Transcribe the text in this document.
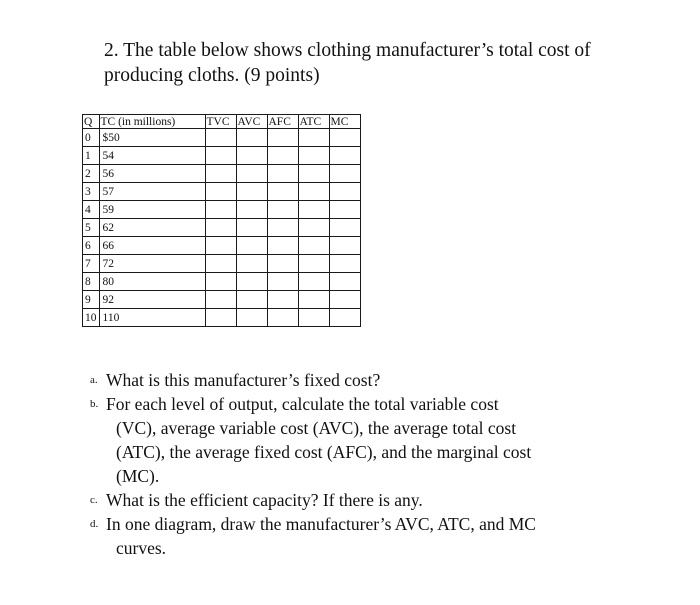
2. The table below shows clothing manufacturer’s total cost of
producing cloths. (9 points)
Q	TC (in millions)	TVC	AVC	AFC	ATC	MC
0	$50					
1	54					
2	56					
3	57					
4	59					
5	62					
6	66					
7	72					
8	80					
9	92					
10	110					
a. What is this manufacturer’s fixed cost?
b. For each level of output, calculate the total variable cost
(VC), average variable cost (AVC), the average total cost
(ATC), the average fixed cost (AFC), and the marginal cost
(MC).
c. What is the efficient capacity? If there is any.
d. In one diagram, draw the manufacturer’s AVC, ATC, and MC
curves.
